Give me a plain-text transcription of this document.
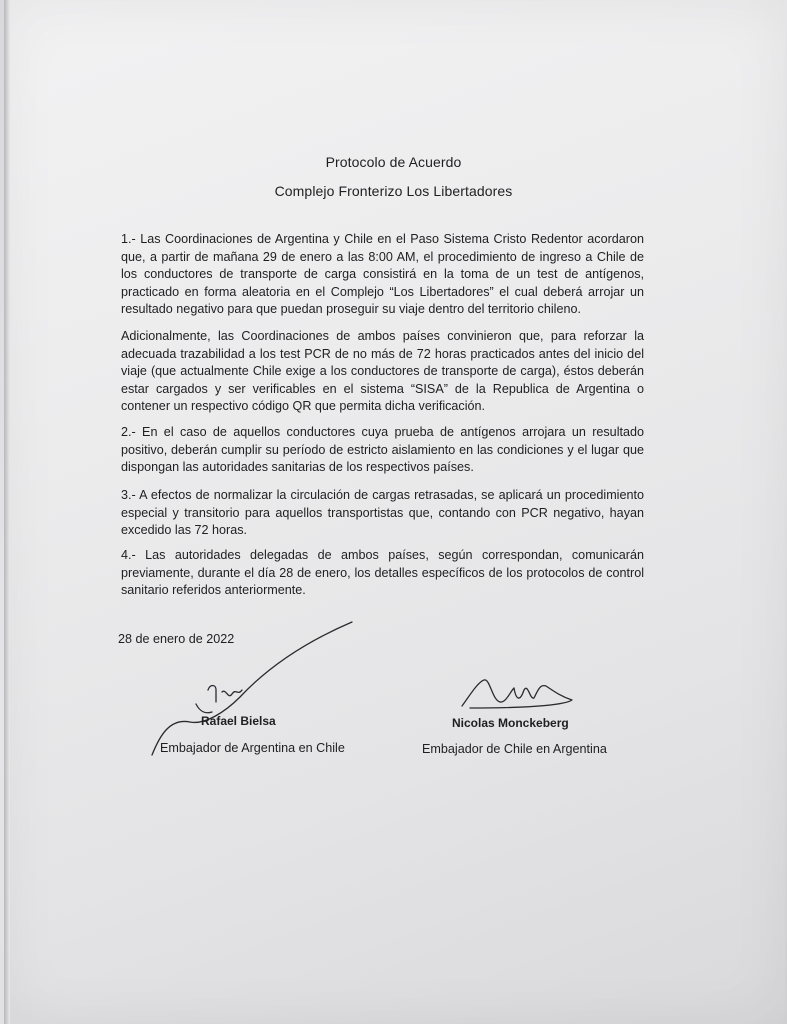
Protocolo de Acuerdo
Complejo Fronterizo Los Libertadores

1.- Las Coordinaciones de Argentina y Chile en el Paso Sistema Cristo Redentor acordaron que, a partir de mañana 29 de enero a las 8:00 AM, el procedimiento de ingreso a Chile de los conductores de transporte de carga consistirá en la toma de un test de antígenos, practicado en forma aleatoria en el Complejo “Los Libertadores” el cual deberá arrojar un resultado negativo para que puedan proseguir su viaje dentro del territorio chileno.

Adicionalmente, las Coordinaciones de ambos países convinieron que, para reforzar la adecuada trazabilidad a los test PCR de no más de 72 horas practicados antes del inicio del viaje (que actualmente Chile exige a los conductores de transporte de carga), éstos deberán estar cargados y ser verificables en el sistema “SISA” de la Republica de Argentina o contener un respectivo código QR que permita dicha verificación.

2.- En el caso de aquellos conductores cuya prueba de antígenos arrojara un resultado positivo, deberán cumplir su período de estricto aislamiento en las condiciones y el lugar que dispongan las autoridades sanitarias de los respectivos países.

3.- A efectos de normalizar la circulación de cargas retrasadas, se aplicará un procedimiento especial y transitorio para aquellos transportistas que, contando con PCR negativo, hayan excedido las 72 horas.

4.- Las autoridades delegadas de ambos países, según correspondan, comunicarán previamente, durante el día 28 de enero, los detalles específicos de los protocolos de control sanitario referidos anteriormente.

28 de enero de 2022
Rafael Bielsa
Embajador de Argentina en Chile
Nicolas Monckeberg
Embajador de Chile en Argentina
